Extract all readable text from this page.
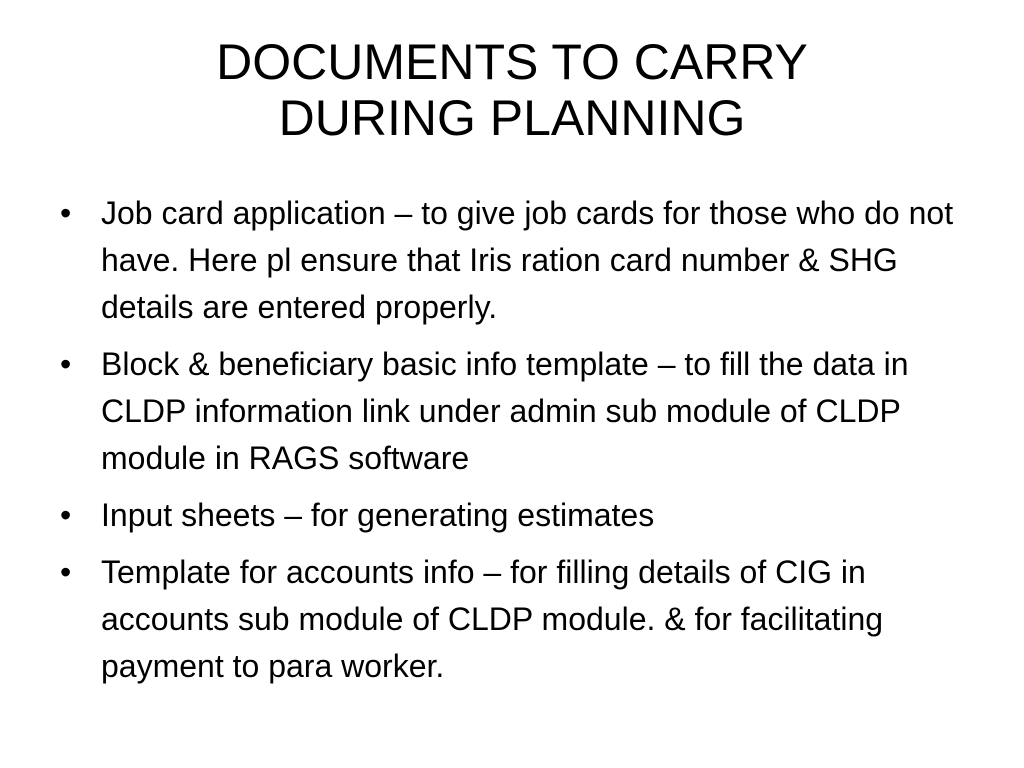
DOCUMENTS TO CARRY
DURING PLANNING
• Job card application – to give job cards for those who do not have. Here pl ensure that Iris ration card number & SHG details are entered properly.
• Block & beneficiary basic info template – to fill the data in CLDP information link under admin sub module of CLDP module in RAGS software
• Input sheets – for generating estimates
• Template for accounts info – for filling details of CIG in accounts sub module of CLDP module. & for facilitating payment to para worker.
